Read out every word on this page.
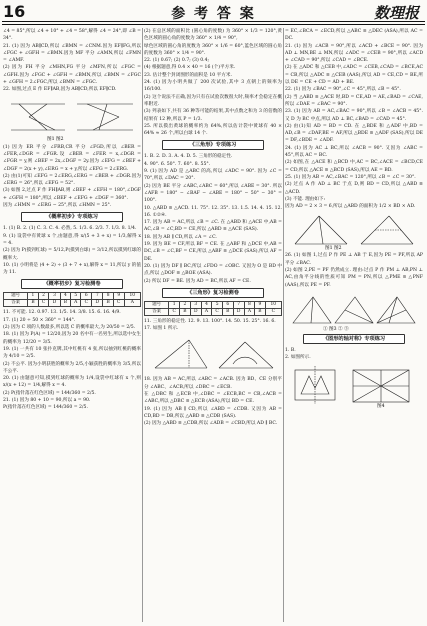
16	参 考 答 案	数理报

∠4 = 85°,所以 ∠4 + 10° + ∠4 = 58°,解得 ∠4 = 24°,即 ∠B = 34°.

21. (1) 因为 AB∥CD,所以 ∠BMN = ∠CNM.因为 EF∥FG,所以 ∠FGC + ∠GFH = ∠BMN.因为 MF 平分 ∠AMN,所以 ∠FMN = ∠AMF.

(2) 因为 FH 平分 ∠MHN,FG 平分 ∠MFN,所以 ∠FGC = ∠GFH.因为 ∠FGC + ∠GFH = ∠BMN,所以 ∠BMN = ∠FGC + ∠GFH = 2∠FGC,所以 ∠BMN = ∠FGC.

22. 如图,过点 E 作 EF∥AB,因为 AB∥CD,所以 EF∥CD.

图1 图2

(1) 因为 ER 平分 ∠FRB,CR 平分 ∠FGD,所以 ∠BER = ∠FER,∠DGR = ∠FGR.设 ∠BER = ∠FER = x,∠DGR = ∠FGR = y,则 ∠BEF = 2x,∠DGF = 2y.因为 ∠EFG = ∠BEF + ∠DGF = 2(x + y),∠ERG = x + y,所以 ∠EFG = 2∠ERG.

(2) 由(1)可知 ∠EFG = 2∠ERG,∠ERG = ∠BER + ∠DGR.因为 ∠ERG = 26°,所以 ∠EFG = 52°.

(3) 如图 2,过点 F 作 FH∥AB,则 ∠BEF + ∠EFH = 180°,∠DGF + ∠GFH = 180°,所以 ∠BEF + ∠EFG + ∠DGF = 360°.

因为 ∠HMN = ∠ERG − 25°,所以 ∠HMN = 25°.

《概率初步》专项练习

1. (1) B. 2. (1) C. 3. C. 4. 必然, 5. 1/3. 6. 2/3. 7. 1/3. 8. 1/4.

9. (1) 设袋中有黄球 x 个,由题意,得 x/(5 + 3 + x) = 1/3,解得 x = 4.

(2) 因为 P(摸到红球) = 5/12,P(摸到白球) = 3/12,所以摸到红球的概率大.

10. (1) 小明将是 (4 + 2) ÷ (3 + 7 + x),解得 x = 11,所以 y 的值为 11.

《概率初步》复习检测卷
题号	1	2	3	4	5	6	7	8	9	10
答案	B	C	D	B	A	C	D	B	C	A

11. 不可能. 12. 0.97. 13. 1/5. 14. 3/8. 15. 6. 16. 4/9.

17. (1) 20 ÷ 50 × 360° = 144°.

(2) 因为 C 项的人数最多,所以选 C 的概率最大,为 20/50 = 2/5.

18. (1) 因为 P(A) = 12/20,因为 20 名中有一名男生,所以选中女生的概率为 12/20 = 3/5.

19. (1) 一共有 10 张扑克牌,其中红桃有 4 张,所以抽到红桃的概率为 4/10 = 2/5.

(2) 不公平. 因为小明获胜的概率为 2/5,小颖获胜的概率为 3/5,所以不公平.

20. (1) 由题意可知,摸到红球的概率为 1/4,设袋中红球有 x 个,则 x/(x + 12) = 1/4,解得 x = 4.

(2) P(指针落在红色区域) = 144/360 = 2/5.

21. (1) 因为 80 + 10 = 90,所以 a = 90.

P(指针落在红色区域) = 144/360 = 2/5.

(2) 在总区域的面积比 (圆心角的度数) 为 360° × 1/3 = 120°,黄色区域的圆心角的度数为 360° × 1/4 = 90°,

绿色区域的圆心角的度数为 360° × 1/6 = 60°,蓝色区域的圆心角的度数为 360° × 1/4 = 90°.

22. (1) 0.67; (2) 0.7; (3) 0.4;

(4) 根据题意,得 0.4 × 40 = 16 (个)平方米.

23. 估计整个封闭图形的面积是 10 平方米.

24. (1) 因为小明共做了 200 次试验,其中 3 点朝上的频率为 16/100.

(2) 这个说法不正确,因为只有在试验次数很大时,频率才会稳定在概率附近.

(3) 列表如下,共有 36 种等可能的结果,其中点数之和为 3 的倍数的结果有 12 种,所以 P = 1/3.

25. 所以摸出黄球的概率约为 64%,所以估计袋中黄球有 40 × 64% ≈ 26 个,所以白球 14 个.

《三角形》专项练习

1. B. 2. D. 3. A. 4. D. 5. 三角形的稳定性.

4. 90°. 6. 50°. 7. 60°. 8. 55°.

9. (1) 因为 AD 是 △ABC 的高,所以 ∠ADC = 90°. 因为 ∠C = 70°,所以 ∠DAC = 20°.

(2) 因为 BE 平分 ∠ABC,∠ABC = 60°,所以 ∠ABE = 30°. 所以 ∠AFB = 180° − ∠BAF − ∠ABE = 180° − 50° − 30° = 100°.

10. △ABD ≌ △ACD. 11. 75°. 12. 35°. 13. 1.5. 14. 4. 15. 12. 16. ①②④.

17. 因为 AB = AC,所以 ∠B = ∠C. 在 △ABD 和 △ACE 中,AB = AC,∠B = ∠C,BD = CE,所以 △ABD ≌ △ACE (SAS).

18. 因为 AB ∥ CD,所以 ∠A = ∠C.

19. 因为 BE = CF,所以 BF = CE. 在 △ABF 和 △DCE 中,AB = DC,∠B = ∠C,BF = CE,所以 △ABF ≌ △DCE (SAS),所以 AF = DE.

20. (1) 因为 DF ∥ BC,所以 ∠FDO = ∠OBC. 又因为 O 是 BD 中点,所以 △DOF ≌ △BOE (ASA).

(2) 所以 DF = BE. 因为 AD = BC,所以 AF = CE.

《三角形》复习检测卷
题号	1	2	3	4	5	6	7	8	9	10
答案	C	B	D	A	C	B	D	A	B	C

11. 三角形的稳定性. 12. 9. 13. 100°. 14. 50. 15. 25°. 16. 6.

17. 如图 1 所示.

18. 因为 AB = AC,所以 ∠ABC = ∠ACB. 因为 BD、CE 分别平分 ∠ABC、∠ACB,所以 ∠DBC = ∠ECB.

在 △DBC 和 △ECB 中,∠DBC = ∠ECB,BC = CB,∠ACB = ∠ABC,所以 △DBC ≌ △ECB (ASA),所以 BD = CE.

19. (1) 因为 AB ∥ CD,所以 ∠ABD = ∠CDB. 又因为 AB = CD,BD = DB,所以 △ABD ≌ △CDB (SAS).

(2) 因为 △ABD ≌ △CDB,所以 ∠ADB = ∠CBD,所以 AD ∥ BC.

= EC,∠BCA = ∠ECD,所以 △ABC ≌ △DEC (ASA),所以 AC = DC.

21. (1) 因为 ∠ACB = 90°,所以 ∠ACD + ∠BCE = 90°. 因为 AD ⊥ MN,BE ⊥ MN,所以 ∠ADC = ∠CEB = 90°,所以 ∠ACD + ∠CAD = 90°,所以 ∠CAD = ∠BCE.

(2) 在 △ADC 和 △CEB 中,∠ADC = ∠CEB,∠CAD = ∠BCE,AC = CB,所以 △ADC ≌ △CEB (AAS),所以 AD = CE,CD = BE,所以 DE = CE + CD = AD + BE.

22. (1) 因为 ∠BAC = 90°,∠C = 45°,所以 ∠B = 45°.

(2) 当 △ABD ≌ △ACE 时,BD = CE,AD = AE,∠BAD = ∠CAE,所以 ∠DAE = ∠BAC = 90°.

23. (1) 因为 AB = AC,∠BAC = 90°,所以 ∠B = ∠ACB = 45°. 又 D 为 BC 中点,所以 AD ⊥ BC,∠BAD = ∠CAD = 45°.

(2) 由(1)知 AD = BD = CD. 在 △BDE 和 △ADF 中,BD = AD,∠B = ∠DAF,BE = AF,所以 △BDE ≌ △ADF (SAS),所以 DE = DF,∠BDE = ∠ADF.

24. (1) 因为 AC ⊥ BC,所以 ∠ACB = 90°. 又因为 ∠ABC = 45°,所以 AC = BC.

(2) 如图,在 △ACE 和 △BCD 中,AC = BC,∠ACE = ∠BCD,CE = CD,所以 △ACE ≌ △BCD (SAS),所以 AE = BD.

25. (1) 因为 AB = AC,∠BAC = 120°,所以 ∠B = ∠C = 30°.

(2) 过点 A 作 AD ⊥ BC 于点 D,则 BD = CD,所以 △ABD ≌ △ACD.

(3) 不能. 理由如下:

因为 AD = 2 × 3 = 6,所以 △ABD 的面积为 1/2 × BD × AD.

图1 图2

26. (1) 如图 1,过点 P 作 PE ⊥ AB 于 E,因为 PE = PF,所以 AP 平分 ∠BAC.

(2) 如图 2,PE = PF 仍然成立. 理由:过点 P 作 PM ⊥ AB,PN ⊥ AC,由角平分线的性质可知 PM = PN,所以 △PME ≌ △PNF (AAS),所以 PE = PF.

① 图3 ② ③
《图形的轴对称》专项练习

1. B.

2. 如图所示.

图4
